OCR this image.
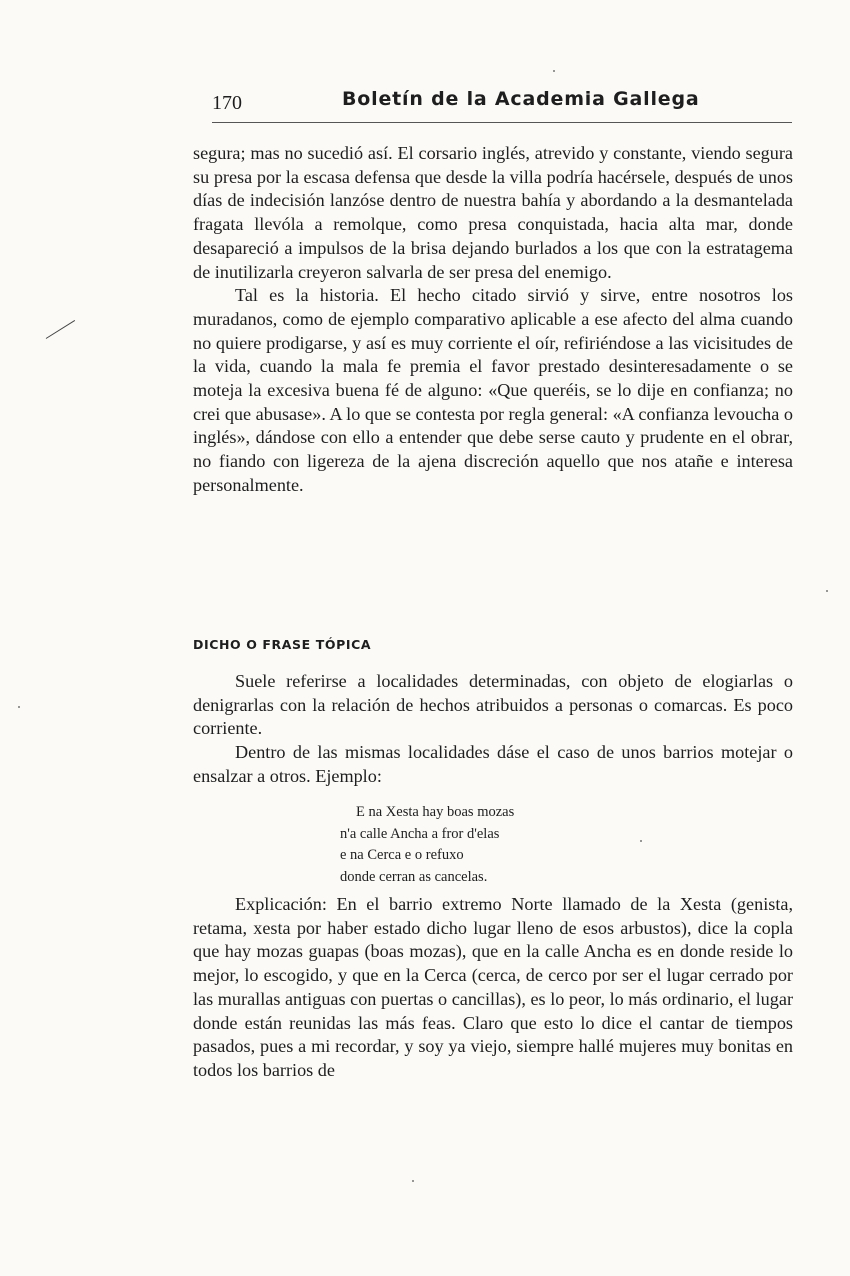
170	Boletín de la Academia Gallega

segura; mas no sucedió así. El corsario inglés, atrevido y constante, viendo segura su presa por la escasa defensa que desde la villa podría hacérsele, después de unos días de indecisión lanzóse dentro de nuestra bahía y abordando a la desmantelada fragata llevóla a remolque, como presa conquistada, hacia alta mar, donde desapareció a impulsos de la brisa dejando burlados a los que con la estratagema de inutilizarla creyeron salvarla de ser presa del enemigo.

Tal es la historia. El hecho citado sirvió y sirve, entre nosotros los muradanos, como de ejemplo comparativo aplicable a ese afecto del alma cuando no quiere prodigarse, y así es muy corriente el oír, refiriéndose a las vicisitudes de la vida, cuando la mala fe premia el favor prestado desinteresadamente o se moteja la excesiva buena fé de alguno: «Que queréis, se lo dije en confianza; no crei que abusase». A lo que se contesta por regla general: «A confianza levoucha o inglés», dándose con ello a entender que debe serse cauto y prudente en el obrar, no fiando con ligereza de la ajena discreción aquello que nos atañe e interesa personalmente.

DICHO O FRASE TÓPICA

Suele referirse a localidades determinadas, con objeto de elogiarlas o denigrarlas con la relación de hechos atribuidos a personas o comarcas. Es poco corriente.

Dentro de las mismas localidades dáse el caso de unos barrios motejar o ensalzar a otros. Ejemplo:

E na Xesta hay boas mozas
n'a calle Ancha a fror d'elas
e na Cerca e o refuxo
donde cerran as cancelas.

Explicación: En el barrio extremo Norte llamado de la Xesta (genista, retama, xesta por haber estado dicho lugar lleno de esos arbustos), dice la copla que hay mozas guapas (boas mozas), que en la calle Ancha es en donde reside lo mejor, lo escogido, y que en la Cerca (cerca, de cerco por ser el lugar cerrado por las murallas antiguas con puertas o cancillas), es lo peor, lo más ordinario, el lugar donde están reunidas las más feas. Claro que esto lo dice el cantar de tiempos pasados, pues a mi recordar, y soy ya viejo, siempre hallé mujeres muy bonitas en todos los barrios de
